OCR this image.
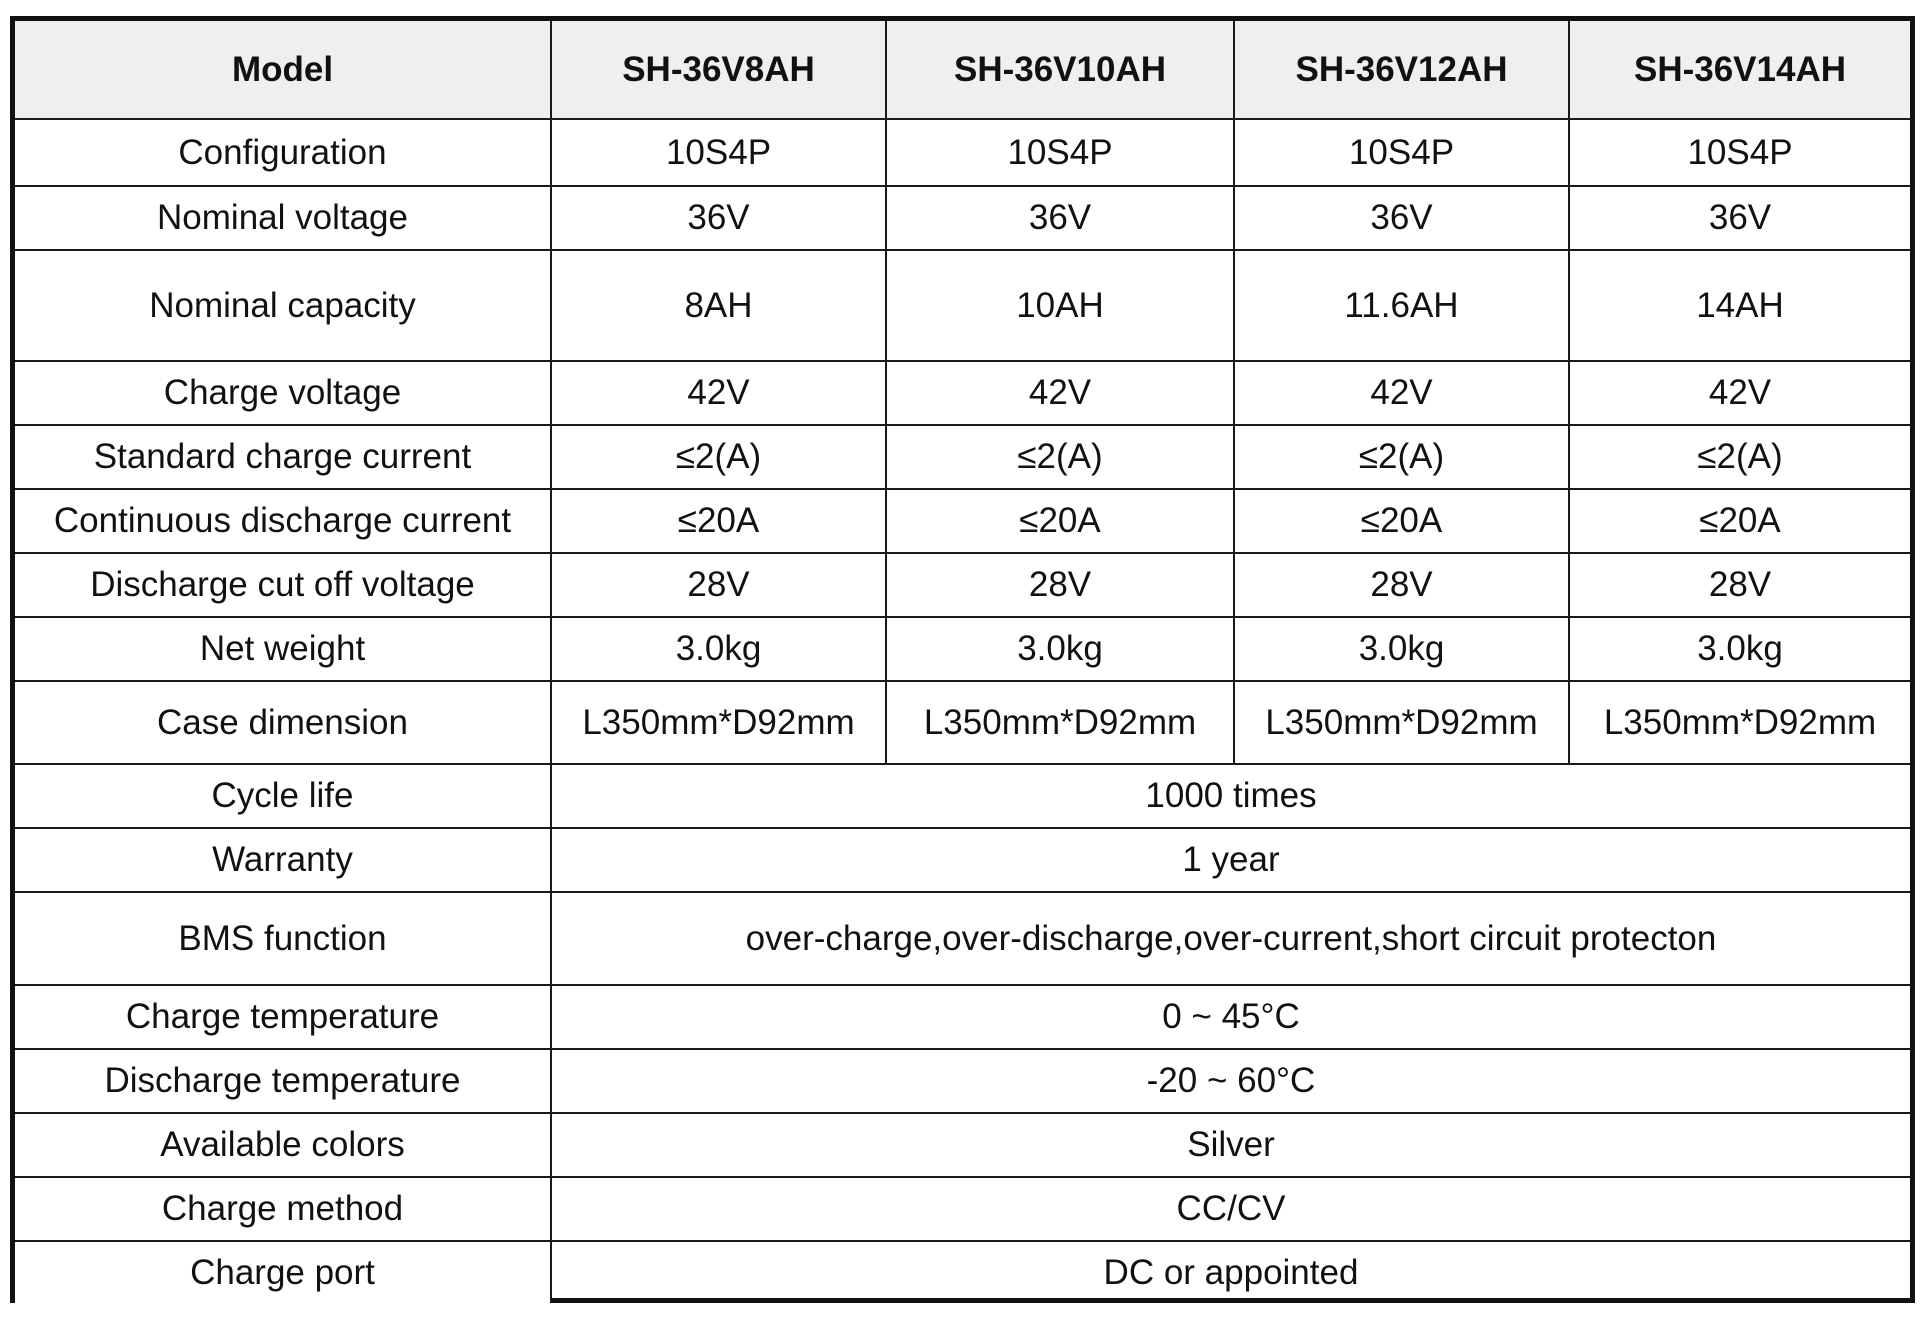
Model	SH-36V8AH	SH-36V10AH	SH-36V12AH	SH-36V14AH
Configuration	10S4P	10S4P	10S4P	10S4P
Nominal voltage	36V	36V	36V	36V
Nominal capacity	8AH	10AH	11.6AH	14AH
Charge voltage	42V	42V	42V	42V
Standard charge current	≤2(A)	≤2(A)	≤2(A)	≤2(A)
Continuous discharge current	≤20A	≤20A	≤20A	≤20A
Discharge cut off voltage	28V	28V	28V	28V
Net weight	3.0kg	3.0kg	3.0kg	3.0kg
Case dimension	L350mm*D92mm	L350mm*D92mm	L350mm*D92mm	L350mm*D92mm
Cycle life	1000 times			
Warranty	1 year			
BMS function	over-charge,over-discharge,over-current,short circuit protecton			
Charge temperature	0 ~ 45°C			
Discharge temperature	-20 ~ 60°C			
Available colors	Silver			
Charge method	CC/CV			
Charge port	DC or appointed			
